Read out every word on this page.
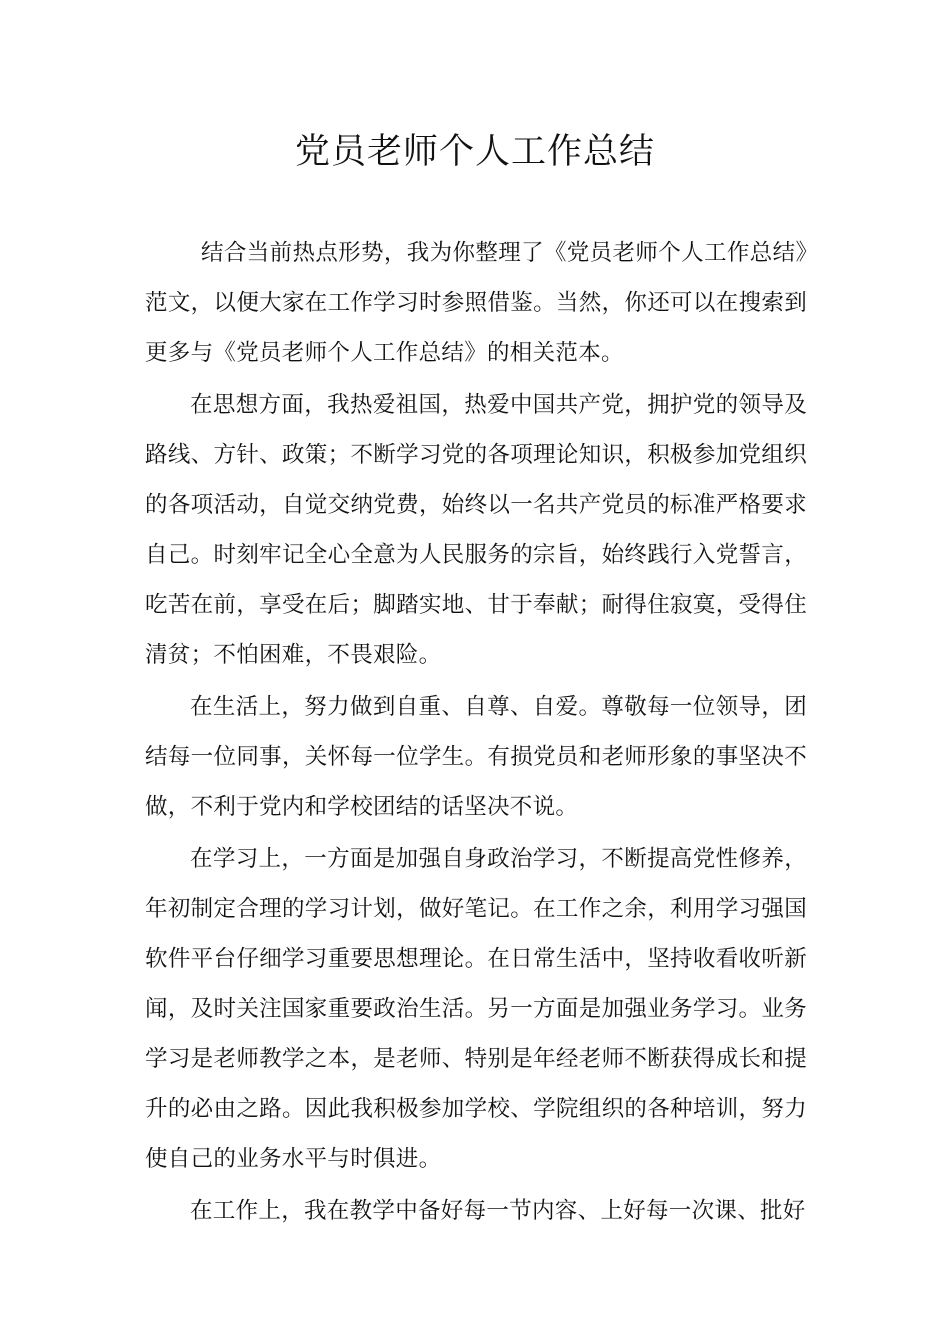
党员老师个人工作总结

结合当前热点形势，我为你整理了《党员老师个人工作总结》范文，以便大家在工作学习时参照借鉴。当然，你还可以在搜索到更多与《党员老师个人工作总结》的相关范本。

在思想方面，我热爱祖国，热爱中国共产党，拥护党的领导及路线、方针、政策；不断学习党的各项理论知识，积极参加党组织的各项活动，自觉交纳党费，始终以一名共产党员的标准严格要求自己。时刻牢记全心全意为人民服务的宗旨，始终践行入党誓言，吃苦在前，享受在后；脚踏实地、甘于奉献；耐得住寂寞，受得住清贫；不怕困难，不畏艰险。

在生活上，努力做到自重、自尊、自爱。尊敬每一位领导，团结每一位同事，关怀每一位学生。有损党员和老师形象的事坚决不做，不利于党内和学校团结的话坚决不说。

在学习上，一方面是加强自身政治学习，不断提高党性修养，年初制定合理的学习计划，做好笔记。在工作之余，利用学习强国软件平台仔细学习重要思想理论。在日常生活中，坚持收看收听新闻，及时关注国家重要政治生活。另一方面是加强业务学习。业务学习是老师教学之本，是老师、特别是年经老师不断获得成长和提升的必由之路。因此我积极参加学校、学院组织的各种培训，努力使自己的业务水平与时俱进。

在工作上，我在教学中备好每一节内容、上好每一次课、批好
